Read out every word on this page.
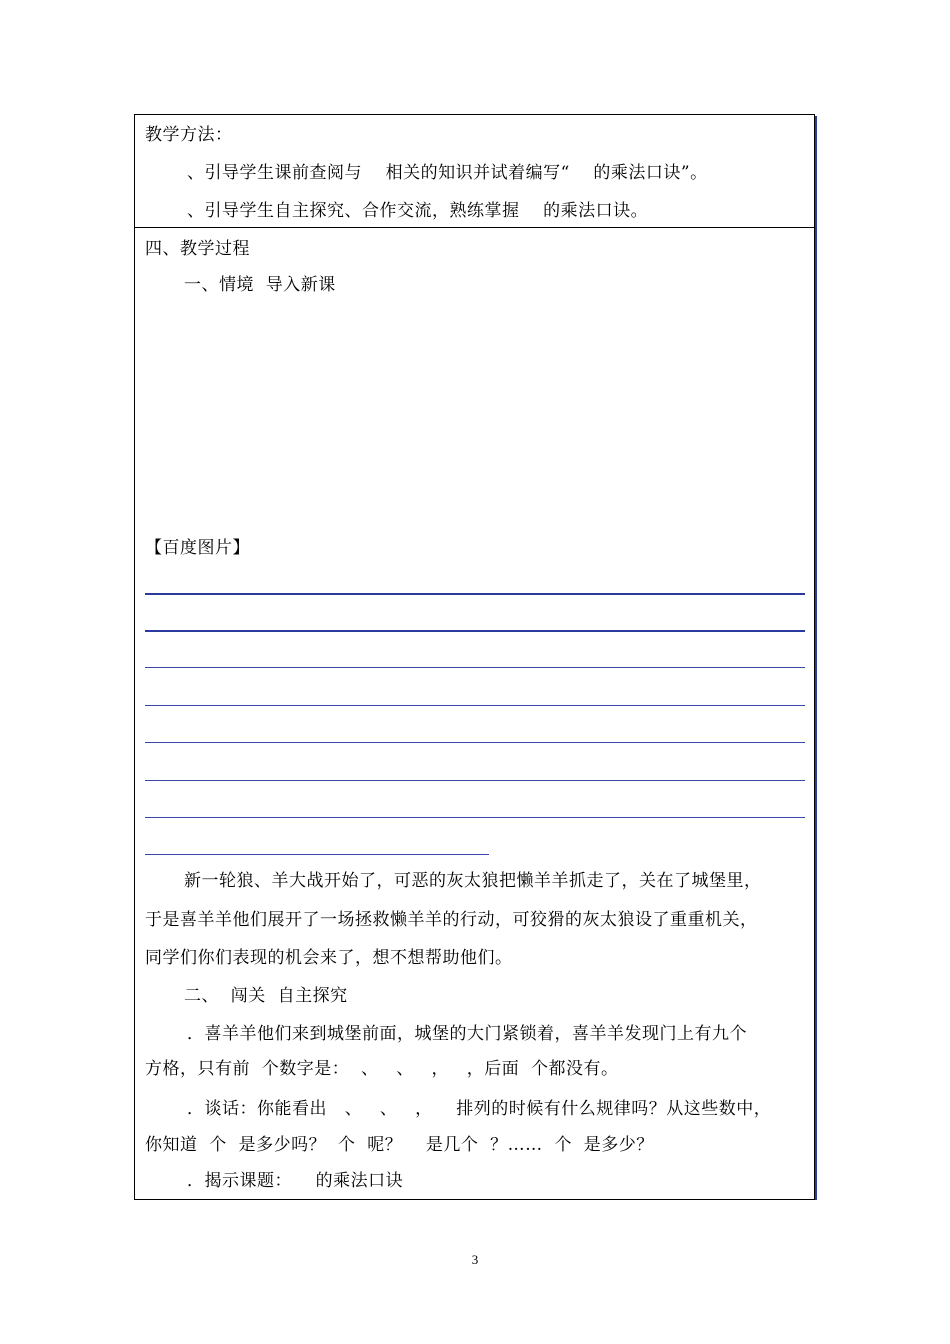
教学方法：
、引导学生课前查阅与    相关的知识并试着编写“    的乘法口诀”。
、引导学生自主探究、合作交流，熟练掌握    的乘法口诀。
四、教学过程
一、情境  导入新课
【百度图片】
新一轮狼、羊大战开始了，可恶的灰太狼把懒羊羊抓走了，关在了城堡里，
于是喜羊羊他们展开了一场拯救懒羊羊的行动，可狡猾的灰太狼设了重重机关，
同学们你们表现的机会来了，想不想帮助他们。
二、  闯关  自主探究
．喜羊羊他们来到城堡前面，城堡的大门紧锁着，喜羊羊发现门上有九个
方格，只有前  个数字是：  、   、   ，   ，后面  个都没有。
．谈话：你能看出   、   、   ，    排列的时候有什么规律吗？从这些数中，
你知道  个  是多少吗？  个  呢？    是几个  ？……  个  是多少？
．揭示课题：    的乘法口诀
3
